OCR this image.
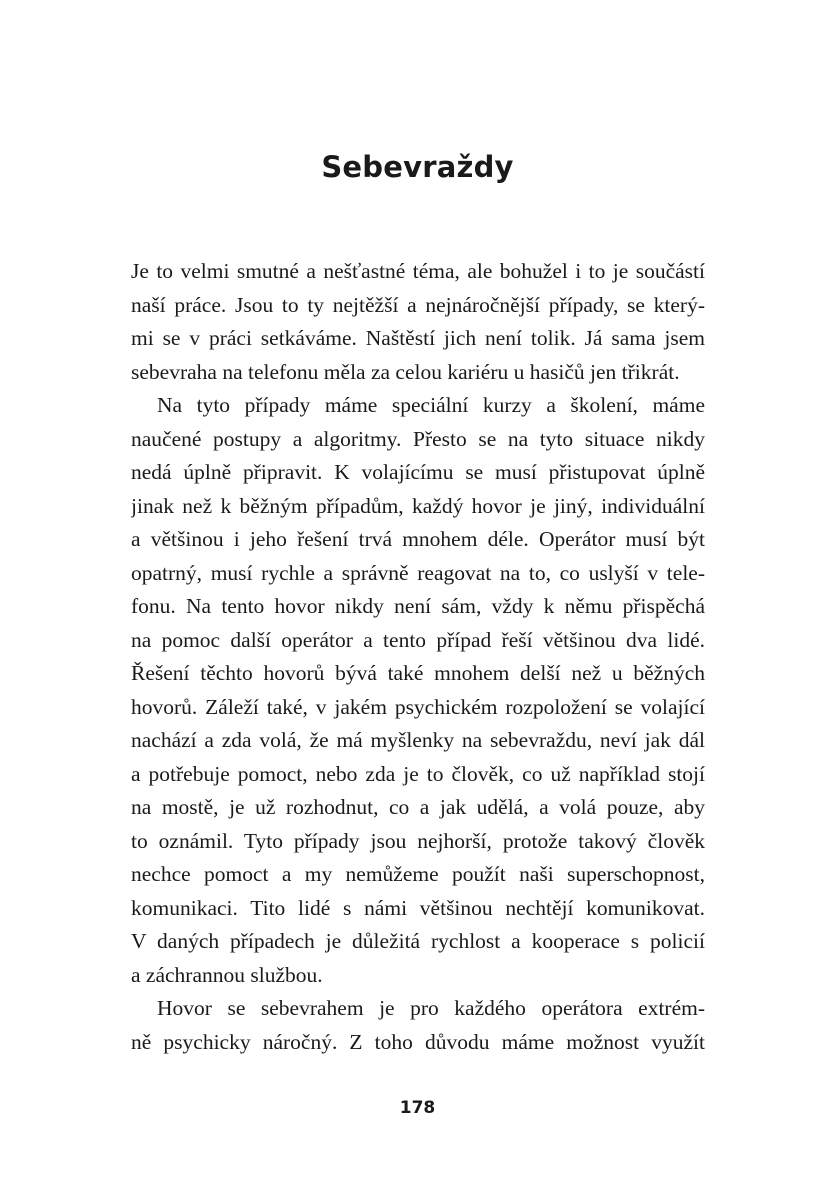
Sebevraždy
Je to velmi smutné a nešťastné téma, ale bohužel i to je součástí
naší práce. Jsou to ty nejtěžší a nejnáročnější případy, se který-
mi se v práci setkáváme. Naštěstí jich není tolik. Já sama jsem
sebevraha na telefonu měla za celou kariéru u hasičů jen třikrát.
Na tyto případy máme speciální kurzy a školení, máme
naučené postupy a algoritmy. Přesto se na tyto situace nikdy
nedá úplně připravit. K volajícímu se musí přistupovat úplně
jinak než k běžným případům, každý hovor je jiný, individuální
a většinou i jeho řešení trvá mnohem déle. Operátor musí být
opatrný, musí rychle a správně reagovat na to, co uslyší v tele-
fonu. Na tento hovor nikdy není sám, vždy k němu přispěchá
na pomoc další operátor a tento případ řeší většinou dva lidé.
Řešení těchto hovorů bývá také mnohem delší než u běžných
hovorů. Záleží také, v jakém psychickém rozpoložení se volající
nachází a zda volá, že má myšlenky na sebevraždu, neví jak dál
a potřebuje pomoct, nebo zda je to člověk, co už například stojí
na mostě, je už rozhodnut, co a jak udělá, a volá pouze, aby
to oznámil. Tyto případy jsou nejhorší, protože takový člověk
nechce pomoct a my nemůžeme použít naši superschopnost,
komunikaci. Tito lidé s námi většinou nechtějí komunikovat.
V daných případech je důležitá rychlost a kooperace s policií
a záchrannou službou.
Hovor se sebevrahem je pro každého operátora extrém-
ně psychicky náročný. Z toho důvodu máme možnost využít
178
